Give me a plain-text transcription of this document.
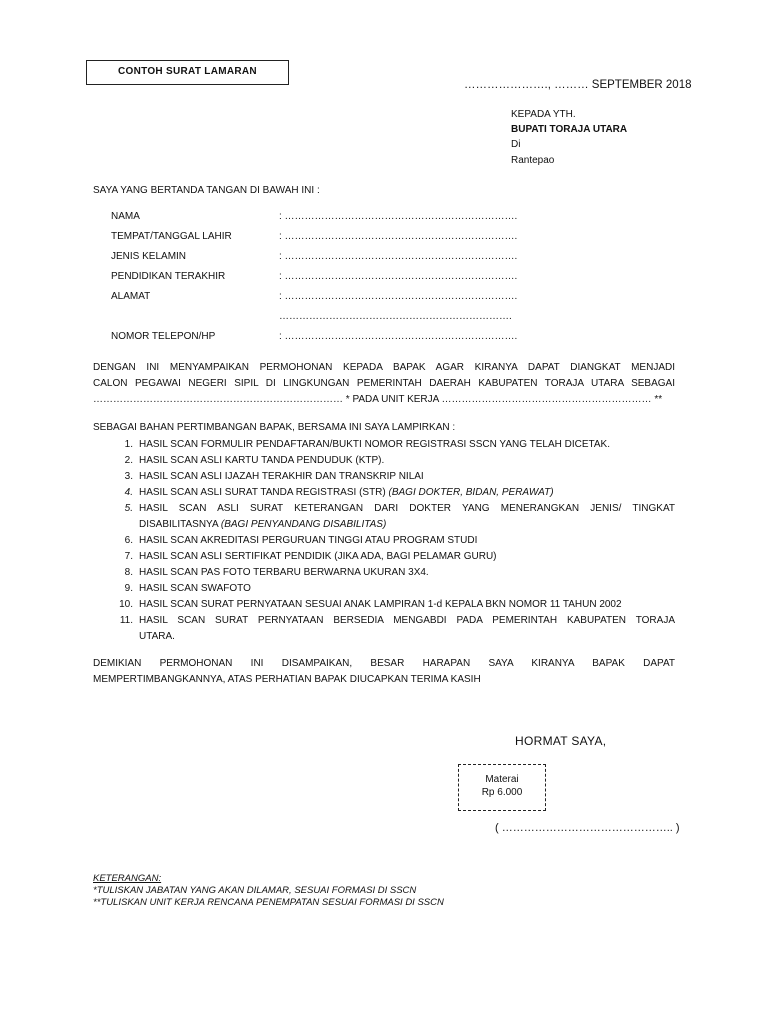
CONTOH SURAT LAMARAN
…………………., ……… SEPTEMBER 2018
KEPADA YTH.
BUPATI TORAJA UTARA
Di
Rantepao
SAYA YANG BERTANDA TANGAN DI BAWAH INI :
NAMA	: …………………………………………………………….
TEMPAT/TANGGAL LAHIR	: …………………………………………………………….
JENIS KELAMIN	: …………………………………………………………….
PENDIDIKAN TERAKHIR	: …………………………………………………………….
ALAMAT	: …………………………………………………………….
…………………………………………………………….
NOMOR TELEPON/HP	: …………………………………………………………….
DENGAN INI MENYAMPAIKAN PERMOHONAN KEPADA BAPAK AGAR KIRANYA DAPAT DIANGKAT MENJADI
CALON PEGAWAI NEGERI SIPIL DI LINGKUNGAN PEMERINTAH DAERAH KABUPATEN TORAJA UTARA SEBAGAI
………………………………………………………………… * PADA UNIT KERJA ……………………………………………………… **
SEBAGAI BAHAN PERTIMBANGAN BAPAK, BERSAMA INI SAYA LAMPIRKAN :
1. HASIL SCAN FORMULIR PENDAFTARAN/BUKTI NOMOR REGISTRASI SSCN YANG TELAH DICETAK.
2. HASIL SCAN ASLI KARTU TANDA PENDUDUK (KTP).
3. HASIL SCAN ASLI IJAZAH TERAKHIR DAN TRANSKRIP NILAI
4. HASIL SCAN ASLI SURAT TANDA REGISTRASI (STR) (BAGI DOKTER, BIDAN, PERAWAT)
5. HASIL SCAN ASLI SURAT KETERANGAN DARI DOKTER YANG MENERANGKAN JENIS/ TINGKAT
DISABILITASNYA (BAGI PENYANDANG DISABILITAS)
6. HASIL SCAN AKREDITASI PERGURUAN TINGGI ATAU PROGRAM STUDI
7. HASIL SCAN ASLI SERTIFIKAT PENDIDIK (JIKA ADA, BAGI PELAMAR GURU)
8. HASIL SCAN PAS FOTO TERBARU BERWARNA UKURAN 3X4.
9. HASIL SCAN SWAFOTO
10. HASIL SCAN SURAT PERNYATAAN SESUAI ANAK LAMPIRAN 1-d KEPALA BKN NOMOR 11 TAHUN 2002
11. HASIL SCAN SURAT PERNYATAAN BERSEDIA MENGABDI PADA PEMERINTAH KABUPATEN TORAJA
UTARA.
DEMIKIAN PERMOHONAN INI DISAMPAIKAN, BESAR HARAPAN SAYA KIRANYA BAPAK DAPAT
MEMPERTIMBANGKANNYA, ATAS PERHATIAN BAPAK DIUCAPKAN TERIMA KASIH
HORMAT SAYA,
Materai
Rp 6.000
( ……………………………………….. )
KETERANGAN:
*TULISKAN JABATAN YANG AKAN DILAMAR, SESUAI FORMASI DI SSCN
**TULISKAN UNIT KERJA RENCANA PENEMPATAN SESUAI FORMASI DI SSCN
